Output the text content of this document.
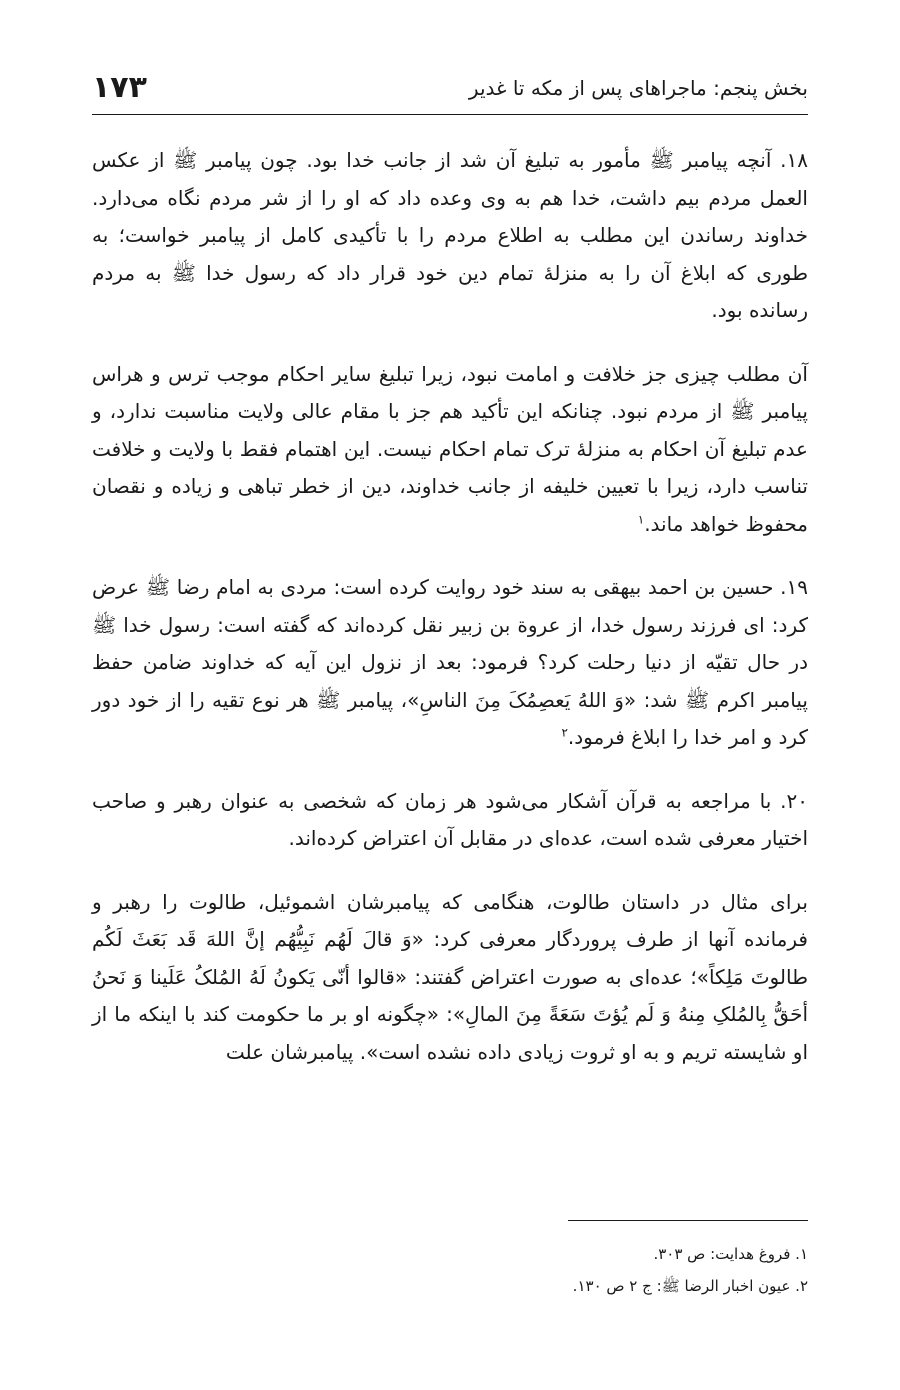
بخش پنجم: ماجراهای پس از مکه تا غدیر
۱۷۳

۱۸. آنچه پیامبر ﷺ مأمور به تبلیغ آن شد از جانب خدا بود. چون پیامبر ﷺ از عکس العمل مردم بیم داشت، خدا هم به وی وعده داد که او را از شر مردم نگاه می‌دارد. خداوند رساندن این مطلب به اطلاع مردم را با تأکیدی کامل از پیامبر خواست؛ به طوری که ابلاغ آن را به منزلهٔ تمام دین خود قرار داد که رسول خدا ﷺ به مردم رسانده بود.

آن مطلب چیزی جز خلافت و امامت نبود، زیرا تبلیغ سایر احکام موجب ترس و هراس پیامبر ﷺ از مردم نبود. چنانکه این تأکید هم جز با مقام عالی ولایت مناسبت ندارد، و عدم تبلیغ آن احکام به منزلهٔ ترک تمام احکام نیست. این اهتمام فقط با ولایت و خلافت تناسب دارد، زیرا با تعیین خلیفه از جانب خداوند، دین از خطر تباهی و زیاده و نقصان محفوظ خواهد ماند.$^۱$

۱۹. حسین بن احمد بیهقی به سند خود روایت کرده است: مردی به امام رضا ﷺ عرض کرد: ای فرزند رسول خدا، از عروة بن زبیر نقل کرده‌اند که گفته است: رسول خدا ﷺ در حال تقیّه از دنیا رحلت کرد؟ فرمود: بعد از نزول این آیه که خداوند ضامن حفظ پیامبر اکرم ﷺ شد: «وَ اللهُ یَعصِمُکَ مِنَ الناسِ»، پیامبر ﷺ هر نوع تقیه را از خود دور کرد و امر خدا را ابلاغ فرمود.$^۲$

۲۰. با مراجعه به قرآن آشکار می‌شود هر زمان که شخصی به عنوان رهبر و صاحب اختیار معرفی شده است، عده‌ای در مقابل آن اعتراض کرده‌اند.

برای مثال در داستان طالوت، هنگامی که پیامبرشان اشموئیل، طالوت را رهبر و فرمانده آنها از طرف پروردگار معرفی کرد: «وَ قالَ لَهُم نَبِیُّهُم إنَّ اللهَ قَد بَعَثَ لَکُم طالوتَ مَلِکاً»؛ عده‌ای به صورت اعتراض گفتند: «قالوا أنّی یَکونُ لَهُ المُلکُ عَلَینا وَ نَحنُ أحَقُّ بِالمُلکِ مِنهُ وَ لَم یُؤتَ سَعَةً مِنَ المالِ»: «چگونه او بر ما حکومت کند با اینکه ما از او شایسته تریم و به او ثروت زیادی داده نشده است». پیامبرشان علت

۱. فروغ هدایت: ص ۳۰۳.

۲. عیون اخبار الرضا ﷺ: ج ۲ ص ۱۳۰.
